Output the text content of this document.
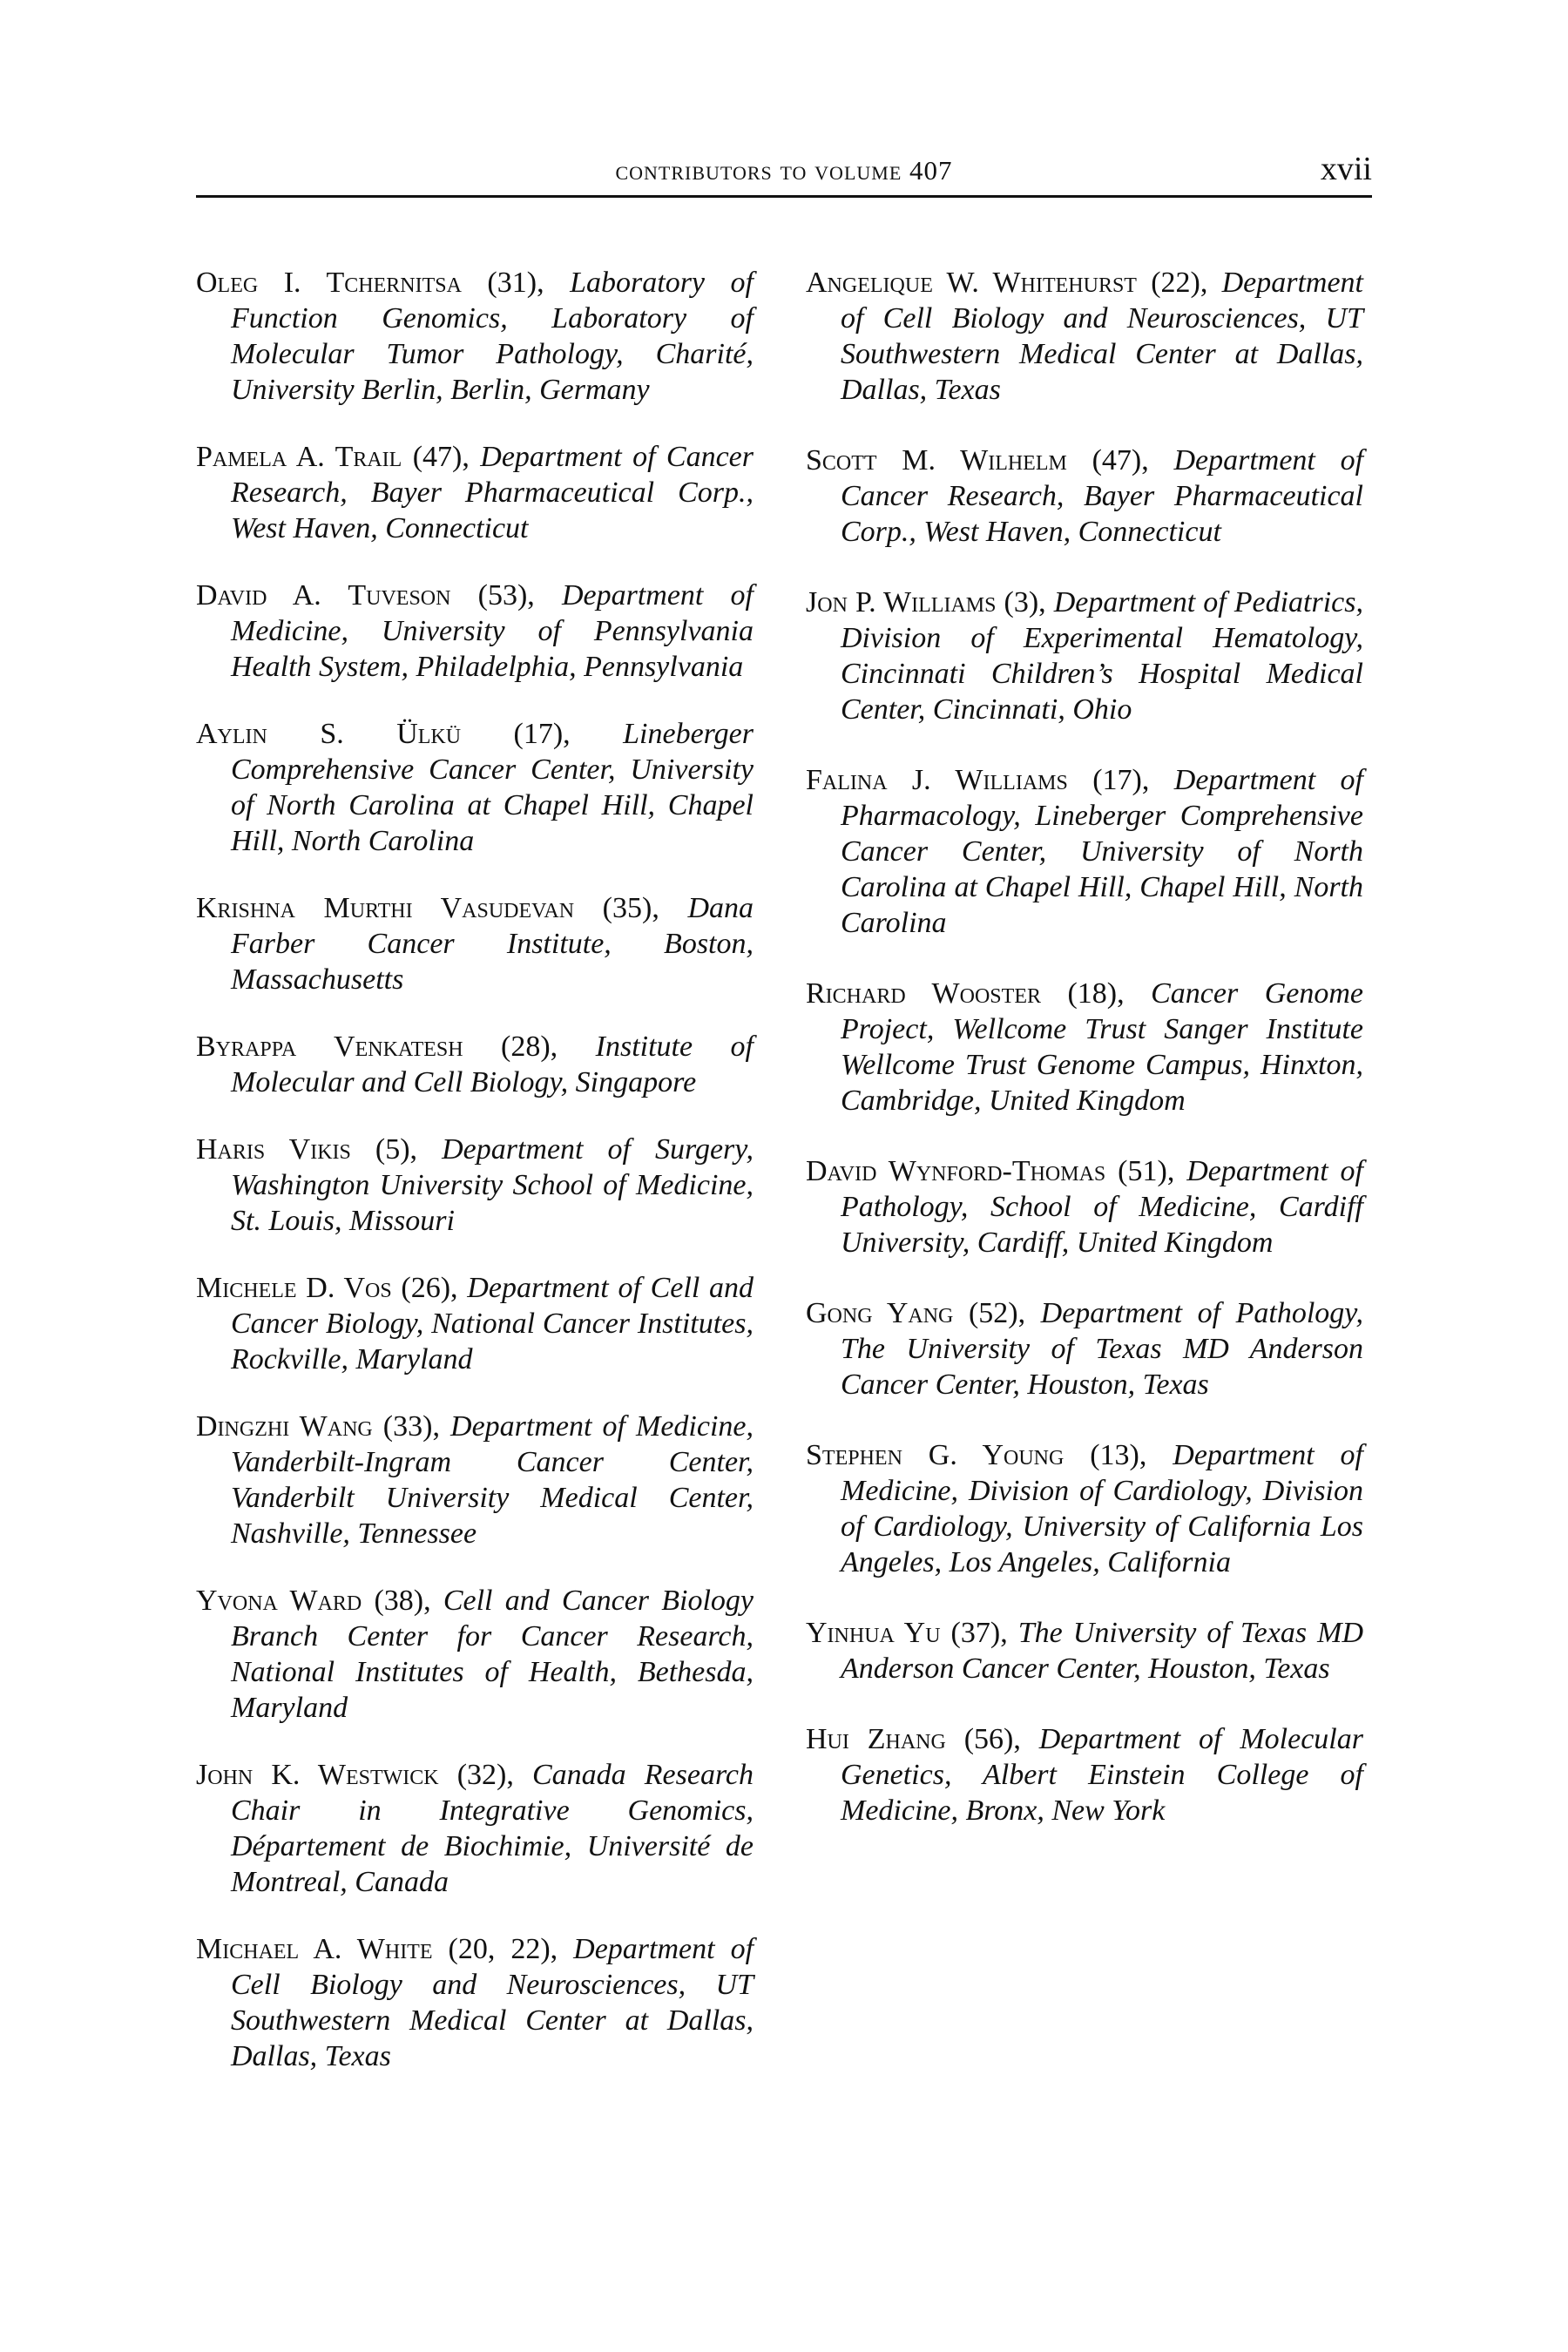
contributors to volume 407	xvii

Oleg I. Tchernitsa (31), Laboratory of Function Genomics, Laboratory of Molecular Tumor Pathology, Charité, University Berlin, Berlin, Germany

Pamela A. Trail (47), Department of Cancer Research, Bayer Pharmaceutical Corp., West Haven, Connecticut

David A. Tuveson (53), Department of Medicine, University of Pennsylvania Health System, Philadelphia, Pennsylvania

Aylin S. Ülkü (17), Lineberger Comprehensive Cancer Center, University of North Carolina at Chapel Hill, Chapel Hill, North Carolina

Krishna Murthi Vasudevan (35), Dana Farber Cancer Institute, Boston, Massachusetts

Byrappa Venkatesh (28), Institute of Molecular and Cell Biology, Singapore

Haris Vikis (5), Department of Surgery, Washington University School of Medicine, St. Louis, Missouri

Michele D. Vos (26), Department of Cell and Cancer Biology, National Cancer Institutes, Rockville, Maryland

Dingzhi Wang (33), Department of Medicine, Vanderbilt-Ingram Cancer Center, Vanderbilt University Medical Center, Nashville, Tennessee

Yvona Ward (38), Cell and Cancer Biology Branch Center for Cancer Research, National Institutes of Health, Bethesda, Maryland

John K. Westwick (32), Canada Research Chair in Integrative Genomics, Département de Biochimie, Université de Montreal, Canada

Michael A. White (20, 22), Department of Cell Biology and Neurosciences, UT Southwestern Medical Center at Dallas, Dallas, Texas

Angelique W. Whitehurst (22), Department of Cell Biology and Neurosciences, UT Southwestern Medical Center at Dallas, Dallas, Texas

Scott M. Wilhelm (47), Department of Cancer Research, Bayer Pharmaceutical Corp., West Haven, Connecticut

Jon P. Williams (3), Department of Pediatrics, Division of Experimental Hematology, Cincinnati Children’s Hospital Medical Center, Cincinnati, Ohio

Falina J. Williams (17), Department of Pharmacology, Lineberger Comprehensive Cancer Center, University of North Carolina at Chapel Hill, Chapel Hill, North Carolina

Richard Wooster (18), Cancer Genome Project, Wellcome Trust Sanger Institute Wellcome Trust Genome Campus, Hinxton, Cambridge, United Kingdom

David Wynford-Thomas (51), Department of Pathology, School of Medicine, Cardiff University, Cardiff, United Kingdom

Gong Yang (52), Department of Pathology, The University of Texas MD Anderson Cancer Center, Houston, Texas

Stephen G. Young (13), Department of Medicine, Division of Cardiology, Division of Cardiology, University of California Los Angeles, Los Angeles, California

Yinhua Yu (37), The University of Texas MD Anderson Cancer Center, Houston, Texas

Hui Zhang (56), Department of Molecular Genetics, Albert Einstein College of Medicine, Bronx, New York
